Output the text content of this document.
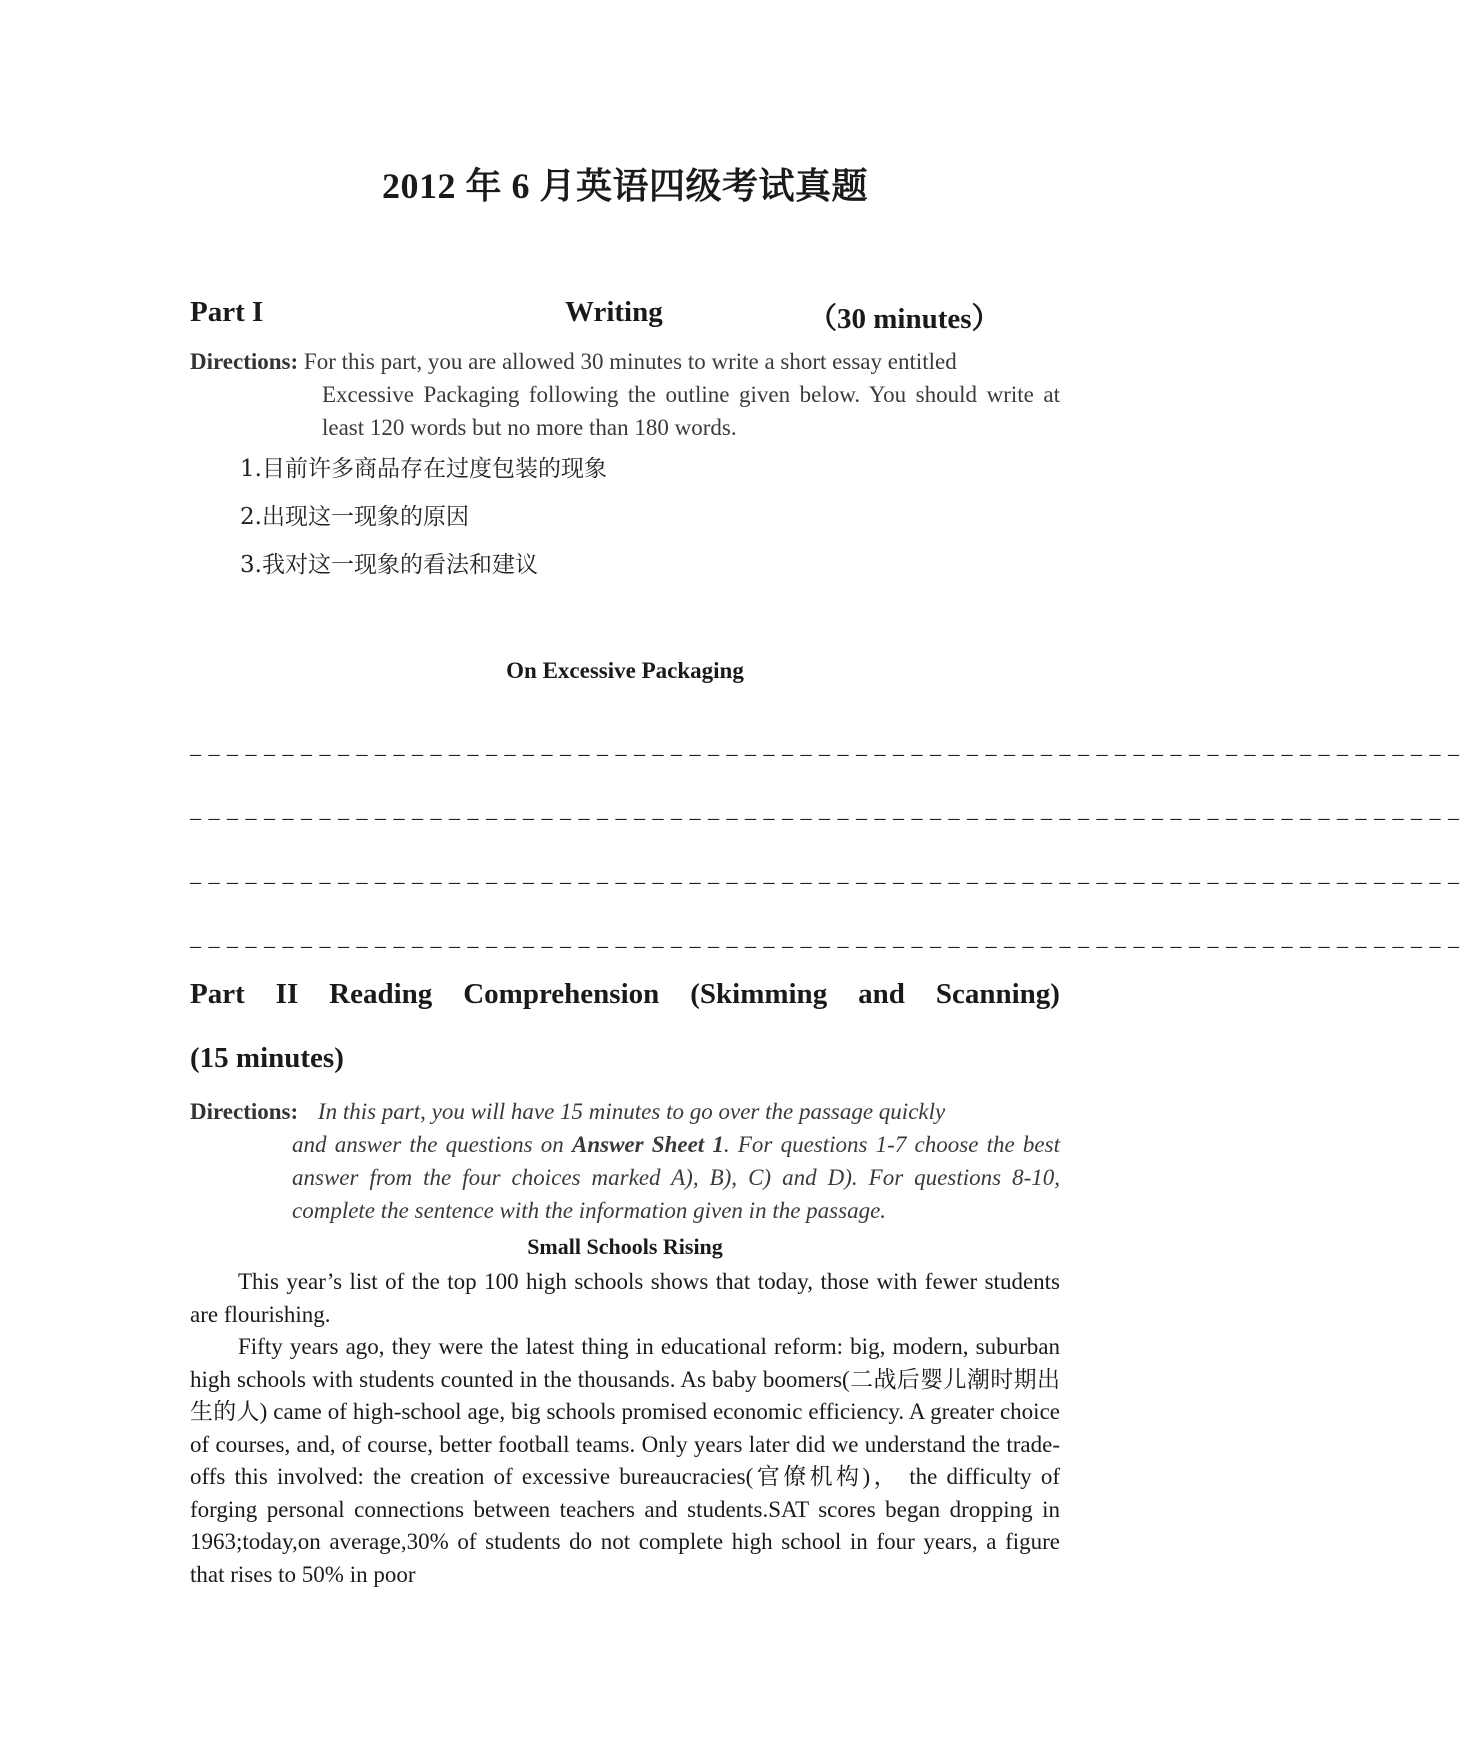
2012 年 6 月英语四级考试真题
Part I	Writing	（30 minutes）
Directions: For this part, you are allowed 30 minutes to write a short essay entitled
Excessive Packaging following the outline given below. You should write at least 120 words but no more than 180 words.
1.目前许多商品存在过度包装的现象
2.出现这一现象的原因
3.我对这一现象的看法和建议
On Excessive Packaging
_ _ _ _ _ _ _ _ _ _ _ _ _ _ _ _ _ _ _ _ _ _ _ _ _ _ _ _ _ _ _ _ _ _ _ _ _ _ _ _ _ _ _ _ _ _ _ _ _ _ _ _ _ _ _ _ _ _ _ _ _ _ _ _ _ _ _ _ _
_ _ _ _ _ _ _ _ _ _ _ _ _ _ _ _ _ _ _ _ _ _ _ _ _ _ _ _ _ _ _ _ _ _ _ _ _ _ _ _ _ _ _ _ _ _ _ _ _ _ _ _ _ _ _ _ _ _ _ _ _ _ _ _ _ _ _ _ _
_ _ _ _ _ _ _ _ _ _ _ _ _ _ _ _ _ _ _ _ _ _ _ _ _ _ _ _ _ _ _ _ _ _ _ _ _ _ _ _ _ _ _ _ _ _ _ _ _ _ _ _ _ _ _ _ _ _ _ _ _ _ _ _ _ _ _ _ _
_ _ _ _ _ _ _ _ _ _ _ _ _ _ _ _ _ _ _ _ _ _ _ _ _ _ _ _ _ _ _ _ _ _ _ _ _ _ _ _ _ _ _ _ _ _ _ _ _ _ _ _ _ _ _ _ _ _ _ _ _ _ _ _ _ _ _ _ _
Part II Reading Comprehension (Skimming and Scanning)
(15 minutes)
Directions: In this part, you will have 15 minutes to go over the passage quickly
and answer the questions on Answer Sheet 1. For questions 1-7 choose the best answer from the four choices marked A), B), C) and D). For questions 8-10, complete the sentence with the information given in the passage.
Small Schools Rising

This year’s list of the top 100 high schools shows that today, those with fewer students are flourishing.

Fifty years ago, they were the latest thing in educational reform: big, modern, suburban high schools with students counted in the thousands. As baby boomers(二战后婴儿潮时期出生的人) came of high-school age, big schools promised economic efficiency. A greater choice of courses, and, of course, better football teams. Only years later did we understand the trade-offs this involved: the creation of excessive bureaucracies(官僚机构)， the difficulty of forging personal connections between teachers and students.SAT scores began dropping in 1963;today,on average,30% of students do not complete high school in four years, a figure that rises to 50% in poor
